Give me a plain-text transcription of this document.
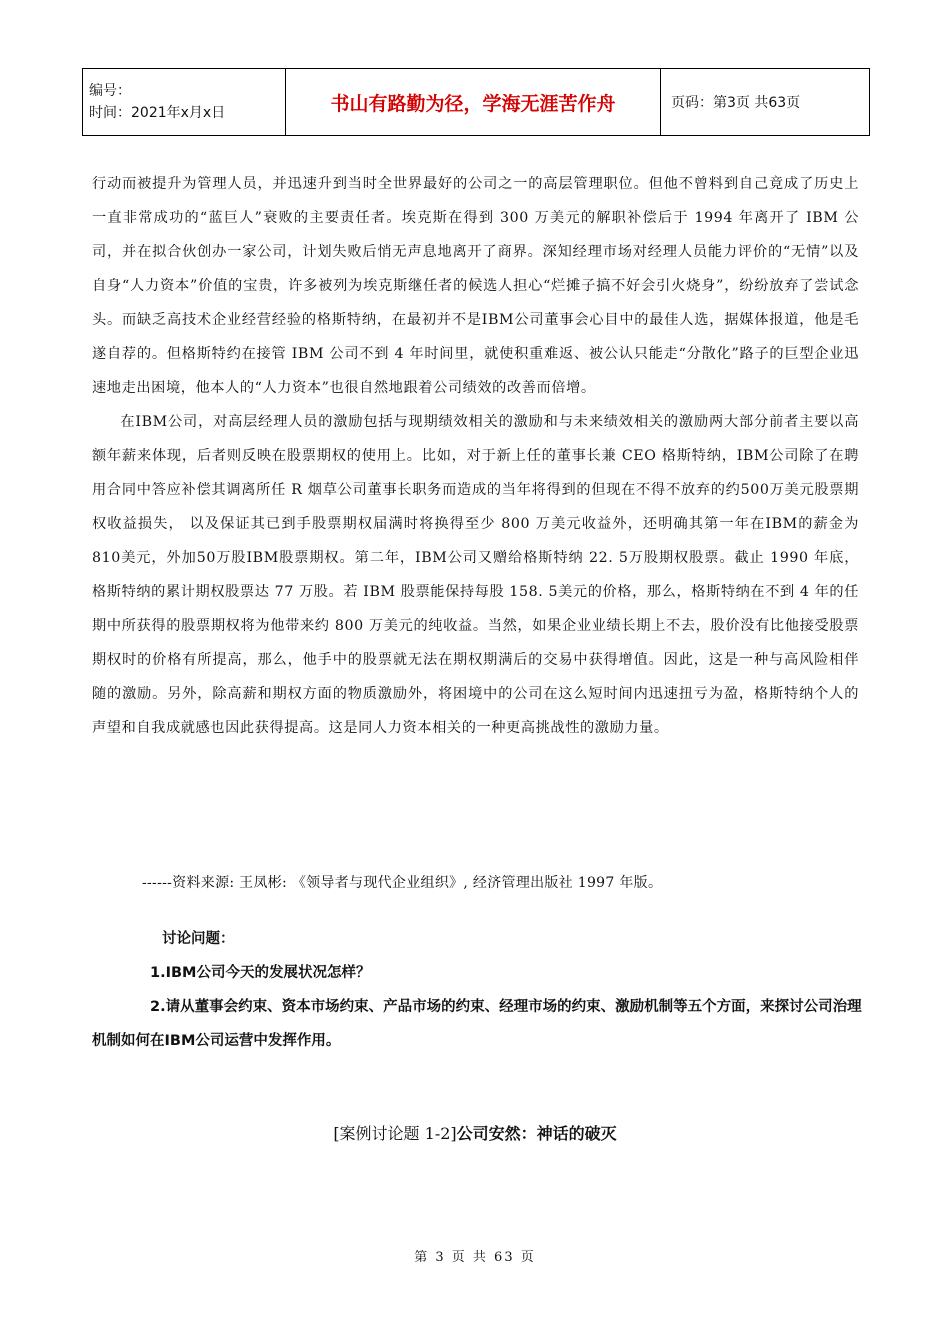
编号：
时间：2021年x月x日	书山有路勤为径，学海无涯苦作舟	页码：第3页 共63页

行动而被提升为管理人员，并迅速升到当时全世界最好的公司之一的高层管理职位。但他不曾料到自己竟成了历史上一直非常成功的“蓝巨人”衰败的主要责任者。埃克斯在得到 300 万美元的解职补偿后于 1994 年离开了 IBM 公司，并在拟合伙创办一家公司，计划失败后悄无声息地离开了商界。深知经理市场对经理人员能力评价的“无情”以及自身“人力资本”价值的宝贵，许多被列为埃克斯继任者的候选人担心“烂摊子搞不好会引火烧身”，纷纷放弃了尝试念头。而缺乏高技术企业经营经验的格斯特纳，在最初并不是IBM公司董事会心目中的最佳人选，据媒体报道，他是毛遂自荐的。但格斯特约在接管 IBM 公司不到 4 年时间里，就使积重难返、被公认只能走“分散化”路子的巨型企业迅速地走出困境，他本人的“人力资本”也很自然地跟着公司绩效的改善而倍增。

在IBM公司，对高层经理人员的激励包括与现期绩效相关的激励和与未来绩效相关的激励两大部分前者主要以高额年薪来体现，后者则反映在股票期权的使用上。比如，对于新上任的董事长兼 CEO 格斯特纳，IBM公司除了在聘用合同中答应补偿其调离所任 R 烟草公司董事长职务而造成的当年将得到的但现在不得不放弃的约500万美元股票期权收益损失， 以及保证其已到手股票期权届满时将换得至少 800 万美元收益外，还明确其第一年在IBM的薪金为810美元，外加50万股IBM股票期权。第二年，IBM公司又赠给格斯特纳 22. 5万股期权股票。截止 1990 年底，格斯特纳的累计期权股票达 77 万股。若 IBM 股票能保持每股 158. 5美元的价格，那么，格斯特纳在不到 4 年的任期中所获得的股票期权将为他带来约 800 万美元的纯收益。当然，如果企业业绩长期上不去，股价没有比他接受股票期权时的价格有所提高，那么，他手中的股票就无法在期权期满后的交易中获得增值。因此，这是一种与高风险相伴随的激励。另外，除高薪和期权方面的物质激励外，将困境中的公司在这么短时间内迅速扭亏为盈，格斯特纳个人的声望和自我成就感也因此获得提高。这是同人力资本相关的一种更高挑战性的激励力量。

------资料来源: 王凤彬: 《领导者与现代企业组织》, 经济管理出版社 1997 年版。

讨论问题：

1.IBM公司今天的发展状况怎样？

2.请从董事会约束、资本市场约束、产品市场的约束、经理市场的约束、激励机制等五个方面，来探讨公司治理机制如何在IBM公司运营中发挥作用。

[案例讨论题 1-2]公司安然：神话的破灭
第 3 页 共 63 页
